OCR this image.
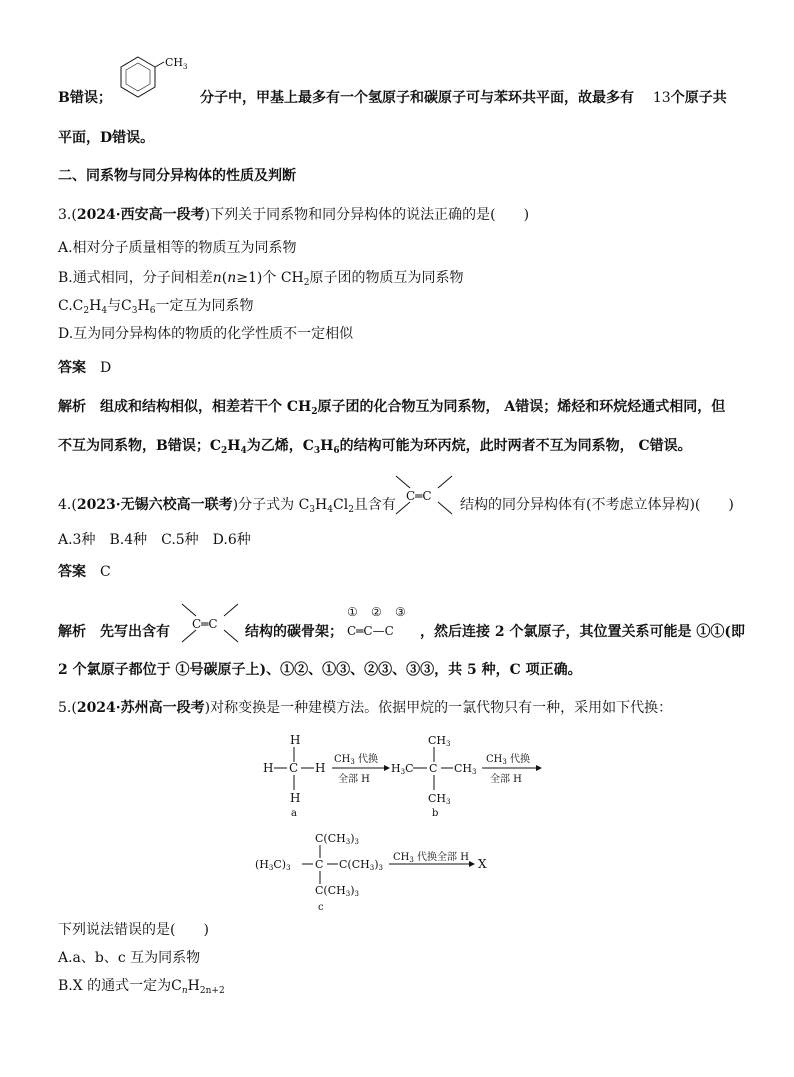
B错误；
$CH_3$
分子中，甲基上最多有一个氢原子和碳原子可与苯环共平面，故最多有 13个原子共
平面，D错误。
二、同系物与同分异构体的性质及判断
3.(2024·西安高一段考)下列关于同系物和同分异构体的说法正确的是(　　)
A.相对分子质量相等的物质互为同系物
B.通式相同，分子间相差n(n≥1)个 $CH_2$原子团的物质互为同系物
$C.C_2H_4$与$C_3H_6$一定互为同系物
D.互为同分异构体的物质的化学性质不一定相似
答案 D
解析 组成和结构相似，相差若干个 $CH_2$原子团的化合物互为同系物， A错误；烯烃和环烷烃通式相同，但
不互为同系物，B错误；$C_2H_4$为乙烯，$C_3H_6$的结构可能为环丙烷，此时两者不互为同系物， C错误。
4.(2023·无锡六校高一联考)分子式为 $C_3H_4Cl_2$且含有
C═C
结构的同分异构体有(不考虑立体异构)(　　)
A.3种　B.4种　C.5种　D.6种
答案 C
解析 先写出含有 C═C 结构的碳骨架；
① ② ③
C═C—C ，然后连接 2 个氯原子，其位置关系可能是 ①①(即
2 个氯原子都位于 ①号碳原子上)、①②、①③、②③、③③，共 5 种，C 项正确。
5.(2024·苏州高一段考)对称变换是一种建模方法。依据甲烷的一氯代物只有一种，采用如下代换：
H
H C H
H
a
$CH_3$ 代换
全部 H
CH3
H3C C CH3
CH3
b
$CH_3$ 代换
全部 H
C(CH3)3
(H3C)3 C C(CH3)3
C(CH3)3
c
$CH_3$ 代换全部 H X
下列说法错误的是(　　)
A.a、b、c 互为同系物
B.X 的通式一定为$C_nH_{2n+2}$
